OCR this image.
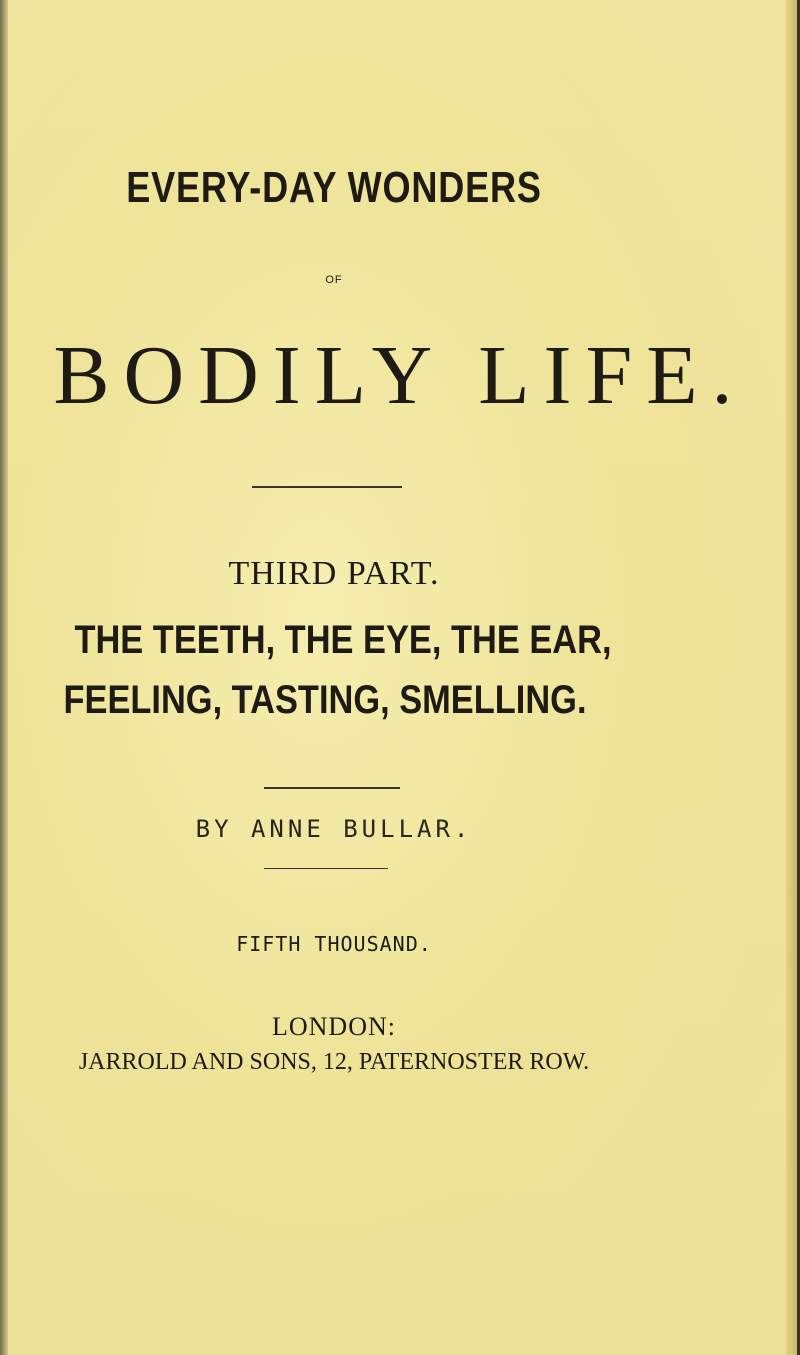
EVERY-DAY WONDERS
OF
BODILY LIFE.
THIRD PART.
THE TEETH, THE EYE, THE EAR,
FEELING, TASTING, SMELLING.
BY ANNE BULLAR.
FIFTH THOUSAND.
LONDON:
JARROLD AND SONS, 12, PATERNOSTER ROW.
